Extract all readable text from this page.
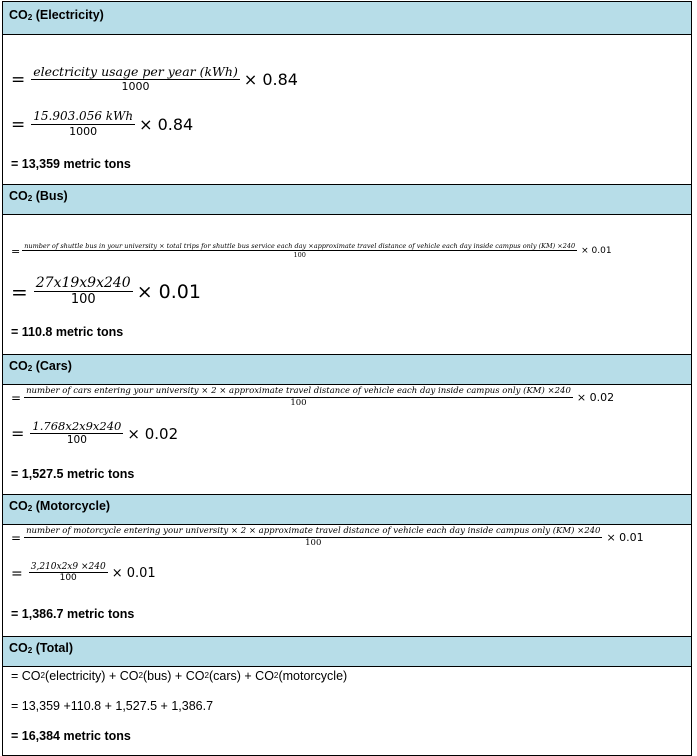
$CO_2$ (Electricity)
= $\frac{\text{electricity usage per year (kWh)}}{1000} \times 0.84$
= $\frac{\text{15.903.056 kWh}}{1000} \times 0.84$
= 13,359 metric tons
$CO_2$ (Bus)
= number of shuttle bus in your university × total trips for shuttle bus service each day ×approximate travel distance of vehicle each day inside campus only (KM) ×240
100	× 0.01
= $\frac{27x19x9x240}{100} \times 0.01$
= 110.8 metric tons
$CO_2$ (Cars)
= number of cars entering your university × 2 × approximate travel distance of vehicle each day inside campus only (KM) ×240
100	× 0.02
= $\frac{1.768x2x9x240}{100} \times 0.02$
= 1,527.5 metric tons
$CO_2$ (Motorcycle)
= number of motorcycle entering your university × 2 × approximate travel distance of vehicle each day inside campus only (KM) ×240
100	× 0.01
= $\frac{3,210x2x9 \times 240}{100} \times 0.01$
= 1,386.7 metric tons
$CO_2$ (Total)
= CO 2 (electricity) + CO 2 (bus) + CO 2 (cars) + CO 2 (motorcycle)
= 13,359 +110.8 + 1,527.5 + 1,386.7
= 16,384 metric tons
